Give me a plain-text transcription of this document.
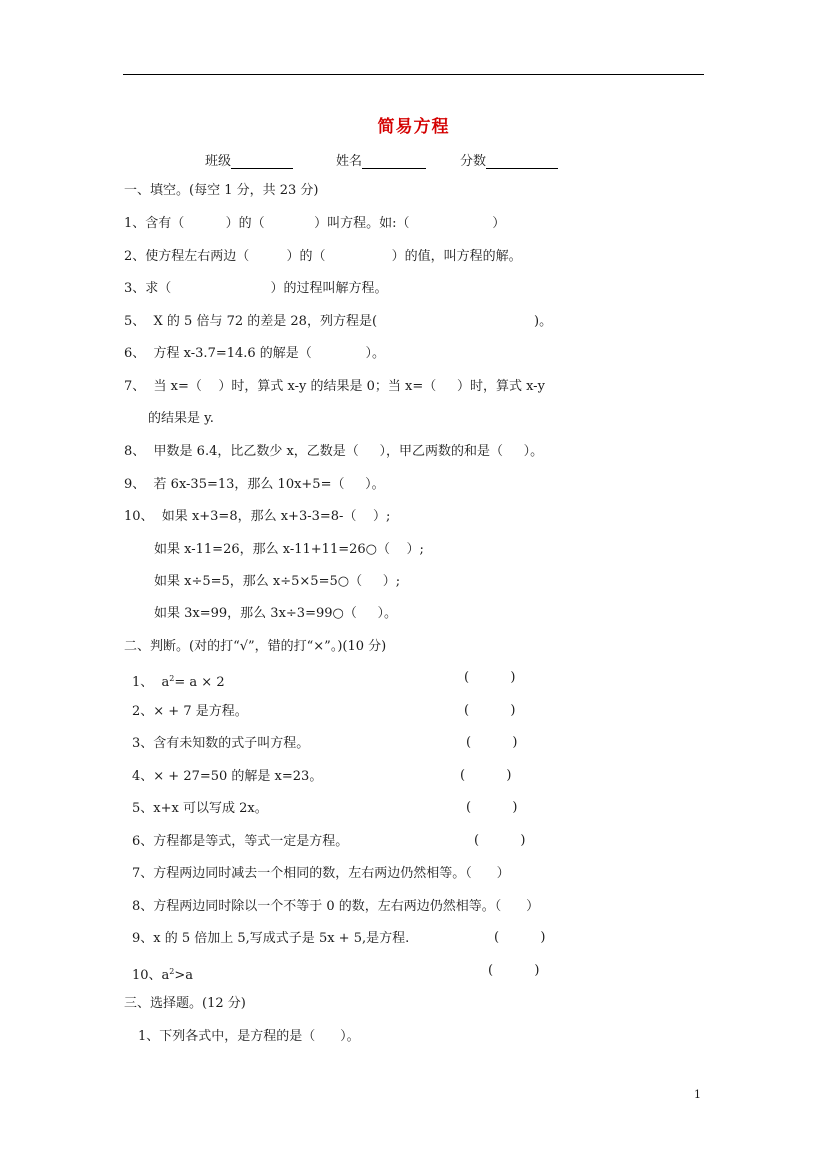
简易方程
班级	姓名	分数
一、填空。(每空 1 分，共 23 分)
1、含有（          ）的（            ）叫方程。如:（                    ）
2、使方程左右两边（         ）的（                ）的值，叫方程的解。
3、求（                        ）的过程叫解方程。
5、  X 的 5 倍与 72 的差是 28，列方程是(                                      )。
6、  方程 x-3.7=14.6 的解是（             ）。
7、  当 x=（    ）时，算式 x-y 的结果是 0；当 x=（     ）时，算式 x-y
的结果是 y.
8、  甲数是 6.4，比乙数少 x，乙数是（     ），甲乙两数的和是（     ）。
9、  若 6x-35=13，那么 10x+5=（     ）。
10、  如果 x+3=8，那么 x+3-3=8-（    ）;
如果 x-11=26，那么 x-11+11=26○（    ）;
如果 x÷5=5，那么 x÷5×5=5○（     ）;
如果 3x=99，那么 3x÷3=99○（     ）。
二、判断。(对的打“√”，错的打“×”。)(10 分)
1、  $a^2= a \times 2$	(          )
2、× + 7 是方程。	(          )
3、含有未知数的式子叫方程。	(          )
4、× + 27=50 的解是 x=23。	(          )
5、x+x 可以写成 2x。	(          )
6、方程都是等式，等式一定是方程。	(          )
7、方程两边同时减去一个相同的数，左右两边仍然相等。（      ）
8、方程两边同时除以一个不等于 0 的数，左右两边仍然相等。（      ）
9、x 的 5 倍加上 5,写成式子是 5x + 5,是方程.	(          )
10、$a^2>a$	(          )
三、选择题。(12 分)
1、下列各式中，是方程的是（      ）。
1
